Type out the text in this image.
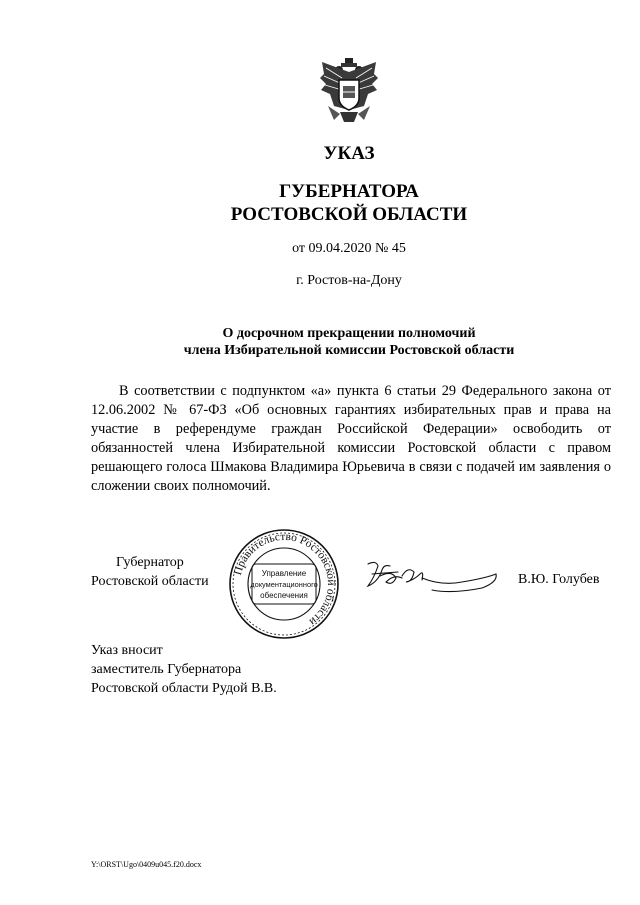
УКАЗ
ГУБЕРНАТОРА
РОСТОВСКОЙ ОБЛАСТИ
от 09.04.2020 № 45
г. Ростов-на-Дону
О досрочном прекращении полномочий
члена Избирательной комиссии Ростовской области

В соответствии с подпунктом «а» пункта 6 статьи 29 Федерального закона от 12.06.2002 № 67-ФЗ «Об основных гарантиях избирательных прав и права на участие в референдуме граждан Российской Федерации» освободить от обязанностей члена Избирательной комиссии Ростовской области с правом решающего голоса Шмакова Владимира Юрьевича в связи с подачей им заявления о сложении своих полномочий.

Губернатор
Ростовской области
Правительство Ростовской области
Управление
документационного
обеспечения
В.Ю. Голубев
Указ вносит
заместитель Губернатора
Ростовской области Рудой В.В.
Y:\ORST\Ugo\0409u045.f20.docx
